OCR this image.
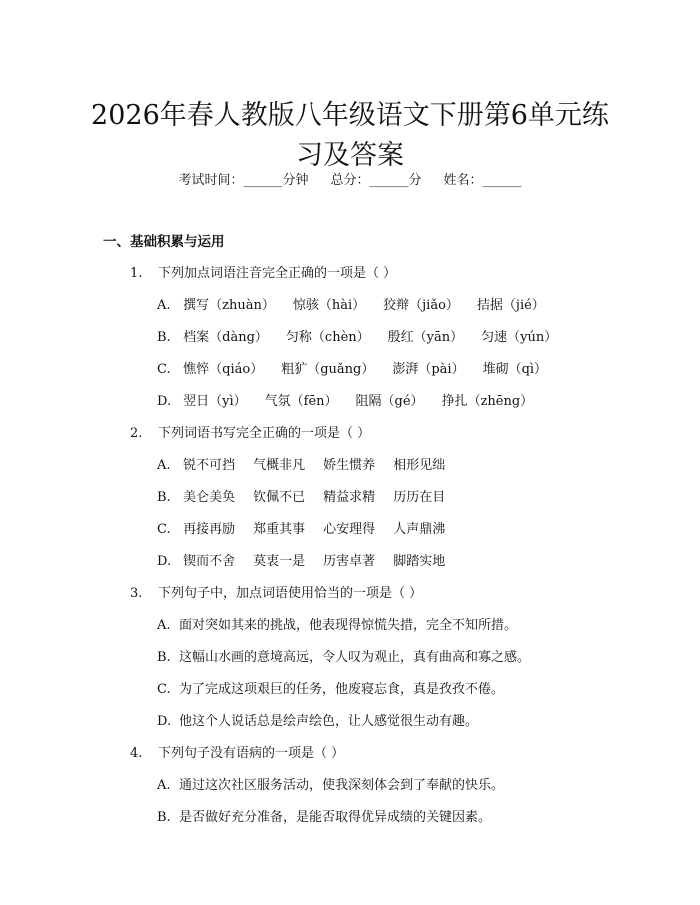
2026年春人教版八年级语文下册第6单元练习及答案
考试时间：______分钟 总分：______分 姓名：______
一、基础积累与运用
1. 下列加点词语注音完全正确的一项是（ ）
A. 撰写（zhuàn） 惊骇（hài） 狡辩（jiǎo） 拮据（jié）
B. 档案（dàng） 匀称（chèn） 殷红（yān） 匀速（yún）
C. 憔悴（qiáo） 粗犷（guǎng） 澎湃（pài） 堆砌（qì）
D. 翌日（yì） 气氛（fēn） 阻隔（gé） 挣扎（zhēng）
2. 下列词语书写完全正确的一项是（ ）
A. 锐不可挡 气概非凡 娇生惯养 相形见绌
B. 美仑美奂 钦佩不已 精益求精 历历在目
C. 再接再励 郑重其事 心安理得 人声鼎沸
D. 锲而不舍 莫衷一是 历害卓著 脚踏实地
3. 下列句子中，加点词语使用恰当的一项是（ ）
A. 面对突如其来的挑战，他表现得惊慌失措，完全不知所措。
B. 这幅山水画的意境高远，令人叹为观止，真有曲高和寡之感。
C. 为了完成这项艰巨的任务，他废寝忘食，真是孜孜不倦。
D. 他这个人说话总是绘声绘色，让人感觉很生动有趣。
4. 下列句子没有语病的一项是（ ）
A. 通过这次社区服务活动，使我深刻体会到了奉献的快乐。
B. 是否做好充分准备，是能否取得优异成绩的关键因素。
